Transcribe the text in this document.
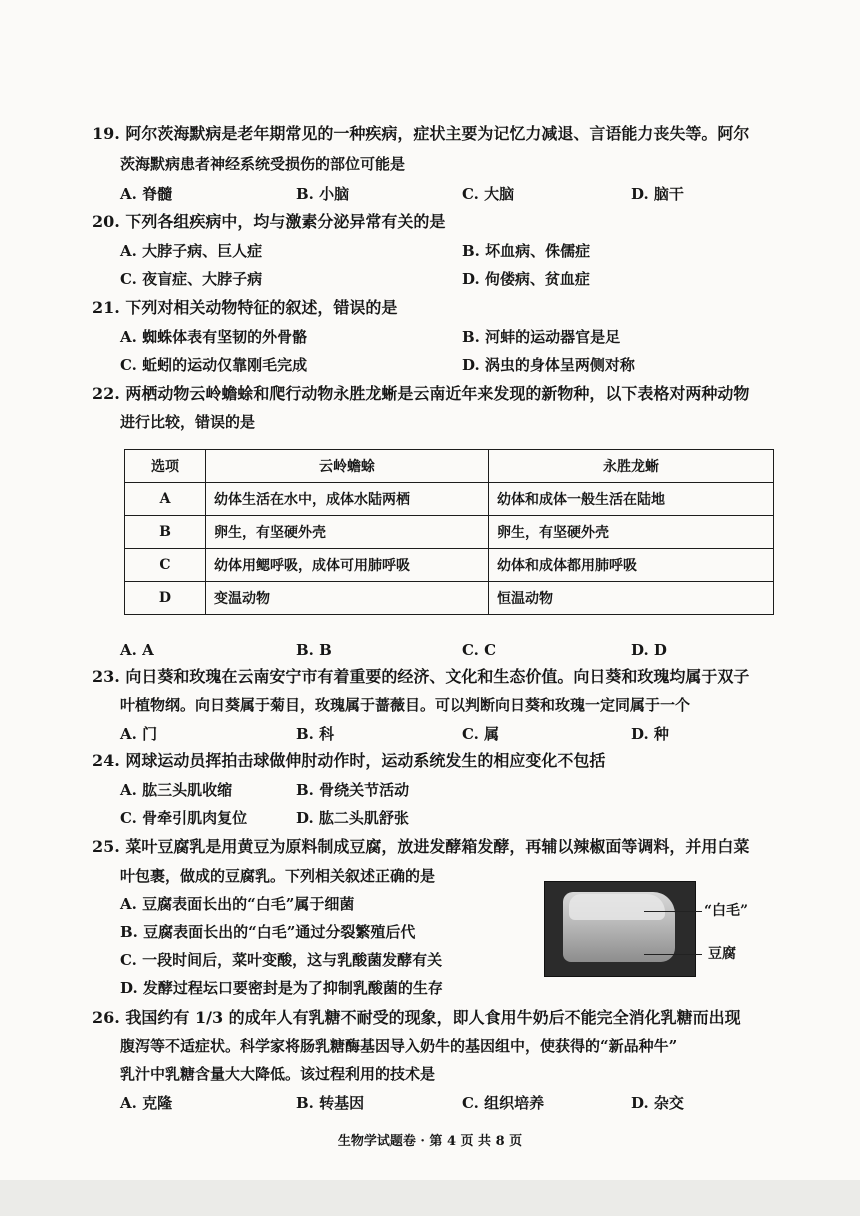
19. 阿尔茨海默病是老年期常见的一种疾病，症状主要为记忆力减退、言语能力丧失等。阿尔
茨海默病患者神经系统受损伤的部位可能是
A. 脊髓	B. 小脑	C. 大脑	D. 脑干
20. 下列各组疾病中，均与激素分泌异常有关的是
A. 大脖子病、巨人症	B. 坏血病、侏儒症
C. 夜盲症、大脖子病	D. 佝偻病、贫血症
21. 下列对相关动物特征的叙述，错误的是
A. 蜘蛛体表有坚韧的外骨骼	B. 河蚌的运动器官是足
C. 蚯蚓的运动仅靠刚毛完成	D. 涡虫的身体呈两侧对称
22. 两栖动物云岭蟾蜍和爬行动物永胜龙蜥是云南近年来发现的新物种，以下表格对两种动物
进行比较，错误的是
选项	云岭蟾蜍	永胜龙蜥
A	幼体生活在水中，成体水陆两栖	幼体和成体一般生活在陆地
B	卵生，有坚硬外壳	卵生，有坚硬外壳
C	幼体用鳃呼吸，成体可用肺呼吸	幼体和成体都用肺呼吸
D	变温动物	恒温动物
A. A	B. B	C. C	D. D
23. 向日葵和玫瑰在云南安宁市有着重要的经济、文化和生态价值。向日葵和玫瑰均属于双子
叶植物纲。向日葵属于菊目，玫瑰属于蔷薇目。可以判断向日葵和玫瑰一定同属于一个
A. 门	B. 科	C. 属	D. 种
24. 网球运动员挥拍击球做伸肘动作时，运动系统发生的相应变化不包括
A. 肱三头肌收缩	B. 骨绕关节活动
C. 骨牵引肌肉复位	D. 肱二头肌舒张
25. 菜叶豆腐乳是用黄豆为原料制成豆腐，放进发酵箱发酵，再辅以辣椒面等调料，并用白菜
叶包裹，做成的豆腐乳。下列相关叙述正确的是
A. 豆腐表面长出的“白毛”属于细菌
B. 豆腐表面长出的“白毛”通过分裂繁殖后代
C. 一段时间后，菜叶变酸，这与乳酸菌发酵有关
D. 发酵过程坛口要密封是为了抑制乳酸菌的生存
“白毛”
豆腐
26. 我国约有 1/3 的成年人有乳糖不耐受的现象，即人食用牛奶后不能完全消化乳糖而出现
腹泻等不适症状。科学家将肠乳糖酶基因导入奶牛的基因组中，使获得的“新品种牛”
乳汁中乳糖含量大大降低。该过程利用的技术是
A. 克隆	B. 转基因	C. 组织培养	D. 杂交
生物学试题卷 · 第 4 页 共 8 页
